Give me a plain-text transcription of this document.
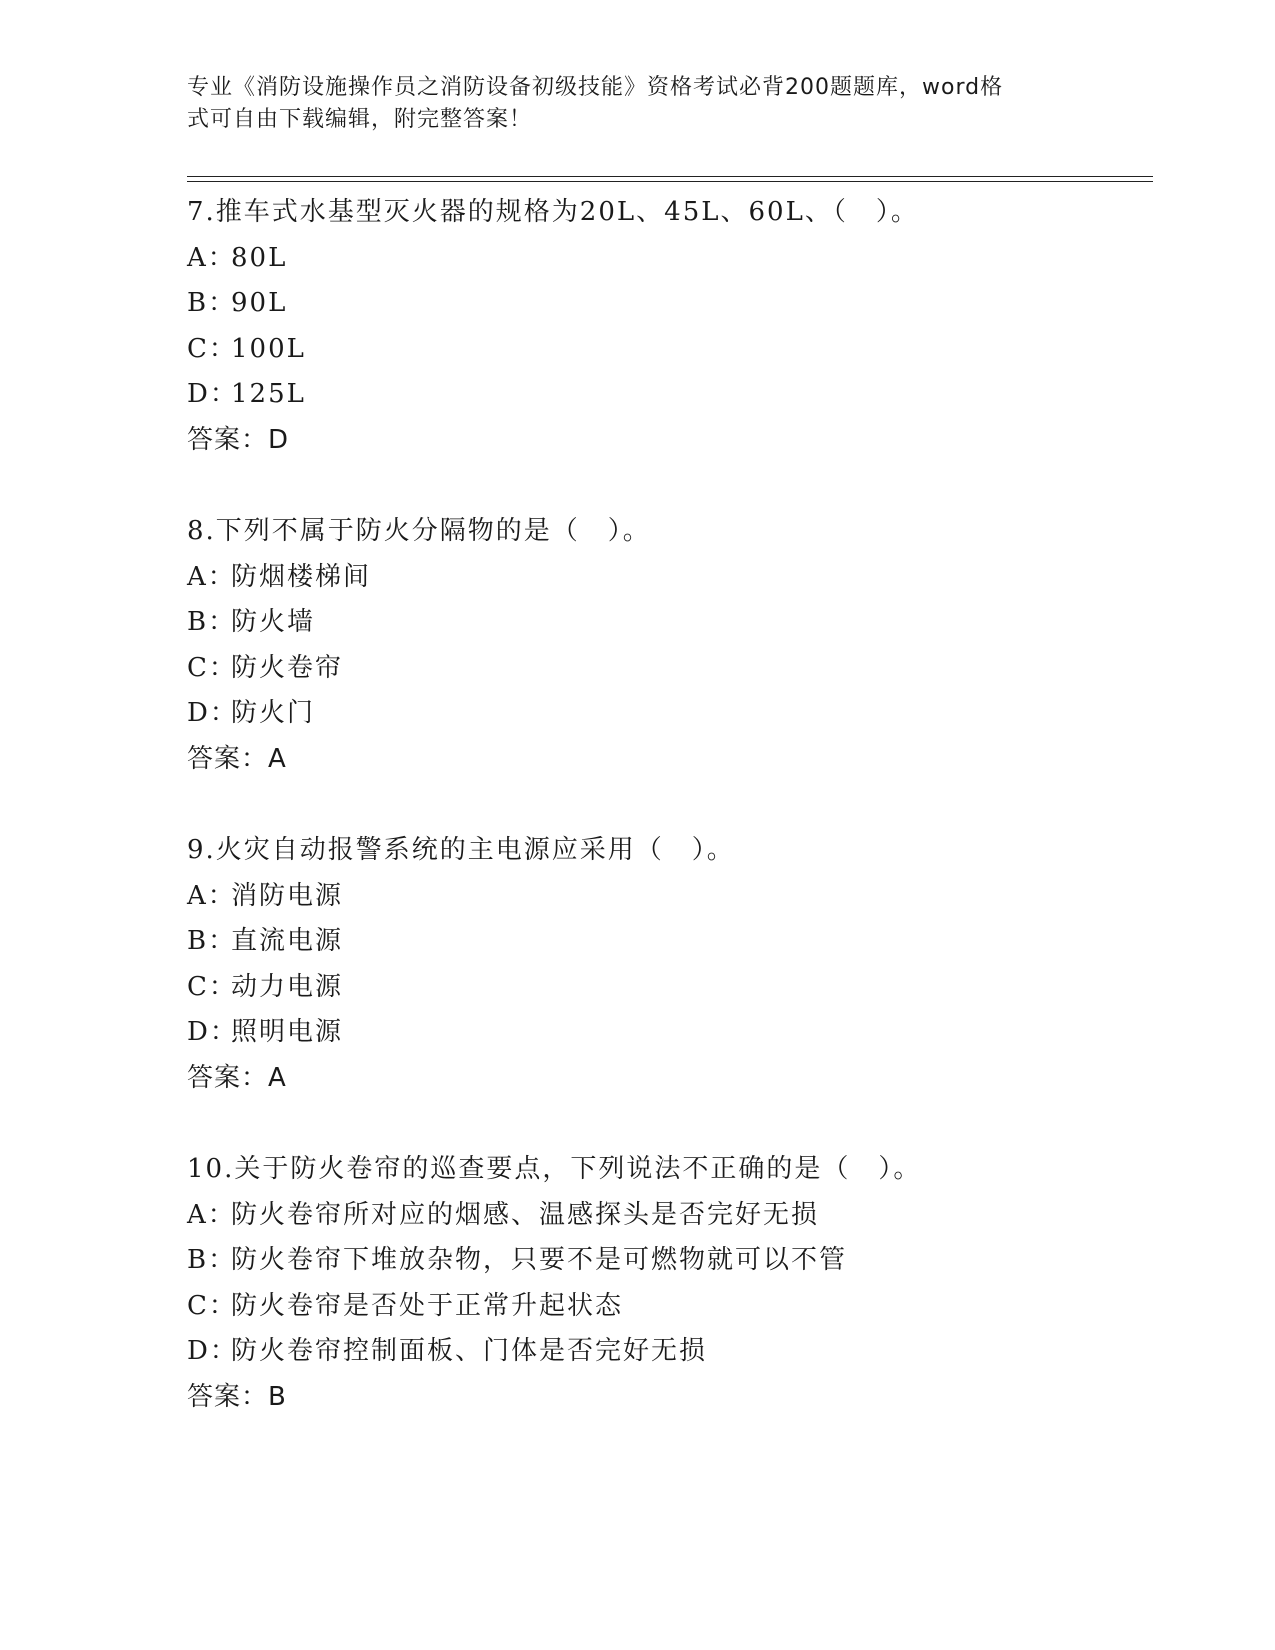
专业《消防设施操作员之消防设备初级技能》资格考试必背200题题库，word格
式可自由下载编辑，附完整答案！
7.推车式水基型灭火器的规格为20L、45L、60L、（　）。
A：80L
B：90L
C：100L
D：125L
答案：D
8.下列不属于防火分隔物的是（　）。
A：防烟楼梯间
B：防火墙
C：防火卷帘
D：防火门
答案：A
9.火灾自动报警系统的主电源应采用（　）。
A：消防电源
B：直流电源
C：动力电源
D：照明电源
答案：A
10.关于防火卷帘的巡查要点，下列说法不正确的是（　）。
A：防火卷帘所对应的烟感、温感探头是否完好无损
B：防火卷帘下堆放杂物，只要不是可燃物就可以不管
C：防火卷帘是否处于正常升起状态
D：防火卷帘控制面板、门体是否完好无损
答案：B
